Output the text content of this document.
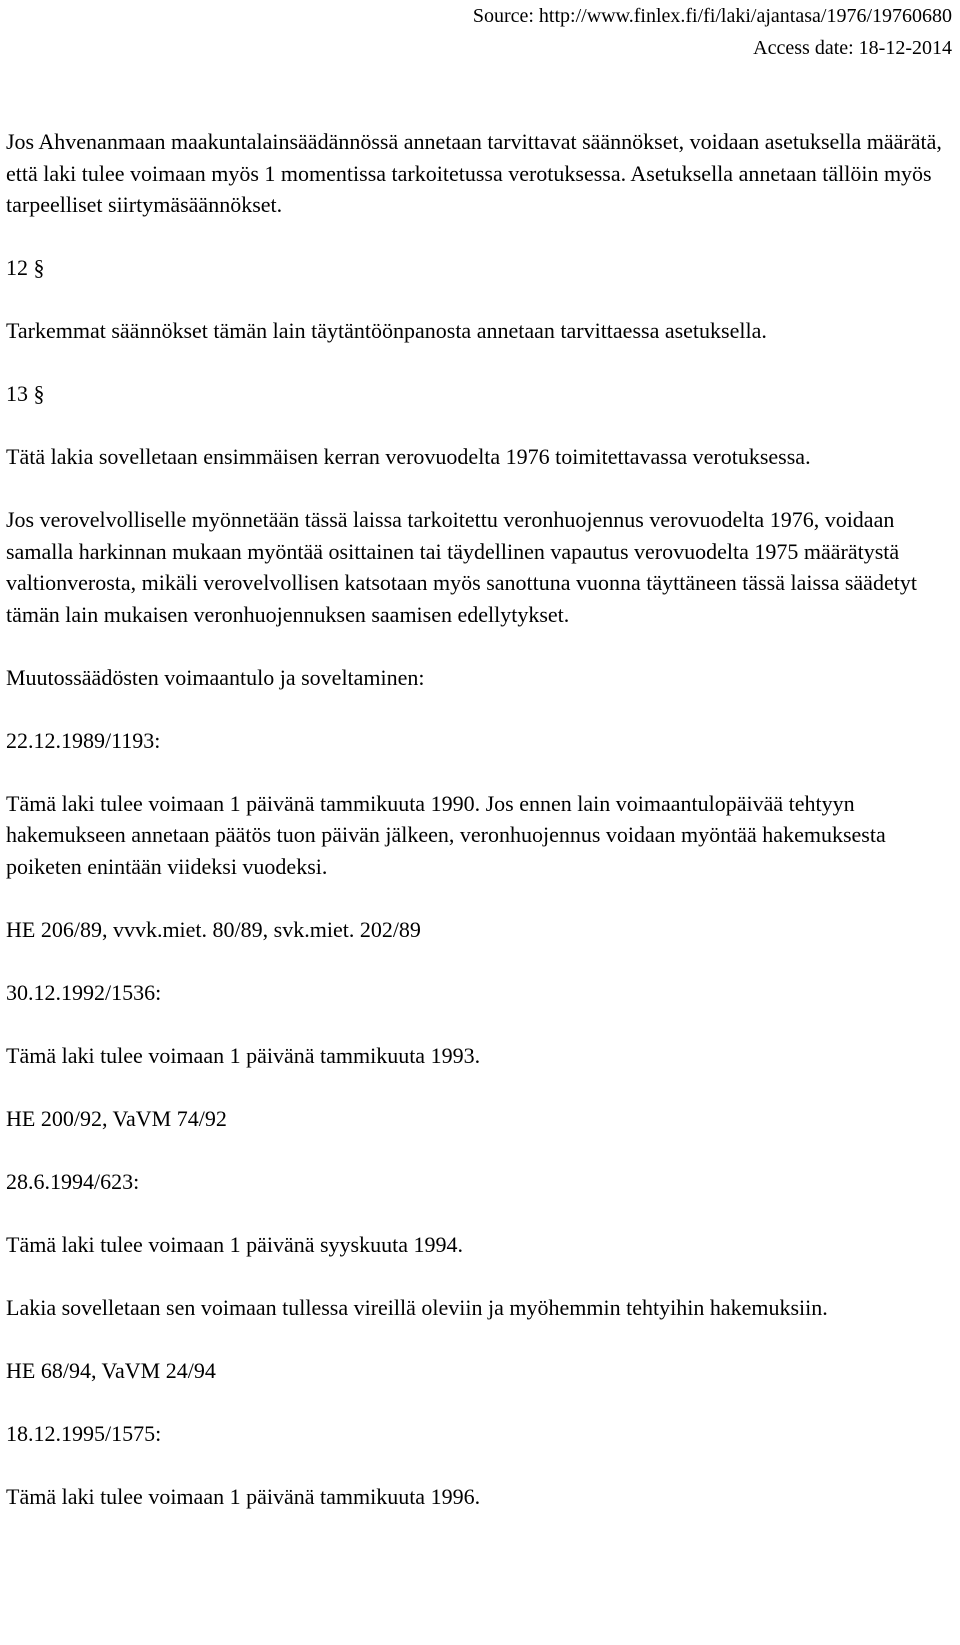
Source: http://www.finlex.fi/fi/laki/ajantasa/1976/19760680
Access date: 18-12-2014

Jos Ahvenanmaan maakuntalainsäädännössä annetaan tarvittavat säännökset, voidaan asetuksella määrätä, että laki tulee voimaan myös 1 momentissa tarkoitetussa verotuksessa. Asetuksella annetaan tällöin myös tarpeelliset siirtymäsäännökset.

12 §

Tarkemmat säännökset tämän lain täytäntöönpanosta annetaan tarvittaessa asetuksella.

13 §

Tätä lakia sovelletaan ensimmäisen kerran verovuodelta 1976 toimitettavassa verotuksessa.

Jos verovelvolliselle myönnetään tässä laissa tarkoitettu veronhuojennus verovuodelta 1976, voidaan samalla harkinnan mukaan myöntää osittainen tai täydellinen vapautus verovuodelta 1975 määrätystä valtionverosta, mikäli verovelvollisen katsotaan myös sanottuna vuonna täyttäneen tässä laissa säädetyt tämän lain mukaisen veronhuojennuksen saamisen edellytykset.

Muutossäädösten voimaantulo ja soveltaminen:

22.12.1989/1193:

Tämä laki tulee voimaan 1 päivänä tammikuuta 1990. Jos ennen lain voimaantulopäivää tehtyyn hakemukseen annetaan päätös tuon päivän jälkeen, veronhuojennus voidaan myöntää hakemuksesta poiketen enintään viideksi vuodeksi.

HE 206/89, vvvk.miet. 80/89, svk.miet. 202/89

30.12.1992/1536:

Tämä laki tulee voimaan 1 päivänä tammikuuta 1993.

HE 200/92, VaVM 74/92

28.6.1994/623:

Tämä laki tulee voimaan 1 päivänä syyskuuta 1994.

Lakia sovelletaan sen voimaan tullessa vireillä oleviin ja myöhemmin tehtyihin hakemuksiin.

HE 68/94, VaVM 24/94

18.12.1995/1575:

Tämä laki tulee voimaan 1 päivänä tammikuuta 1996.
